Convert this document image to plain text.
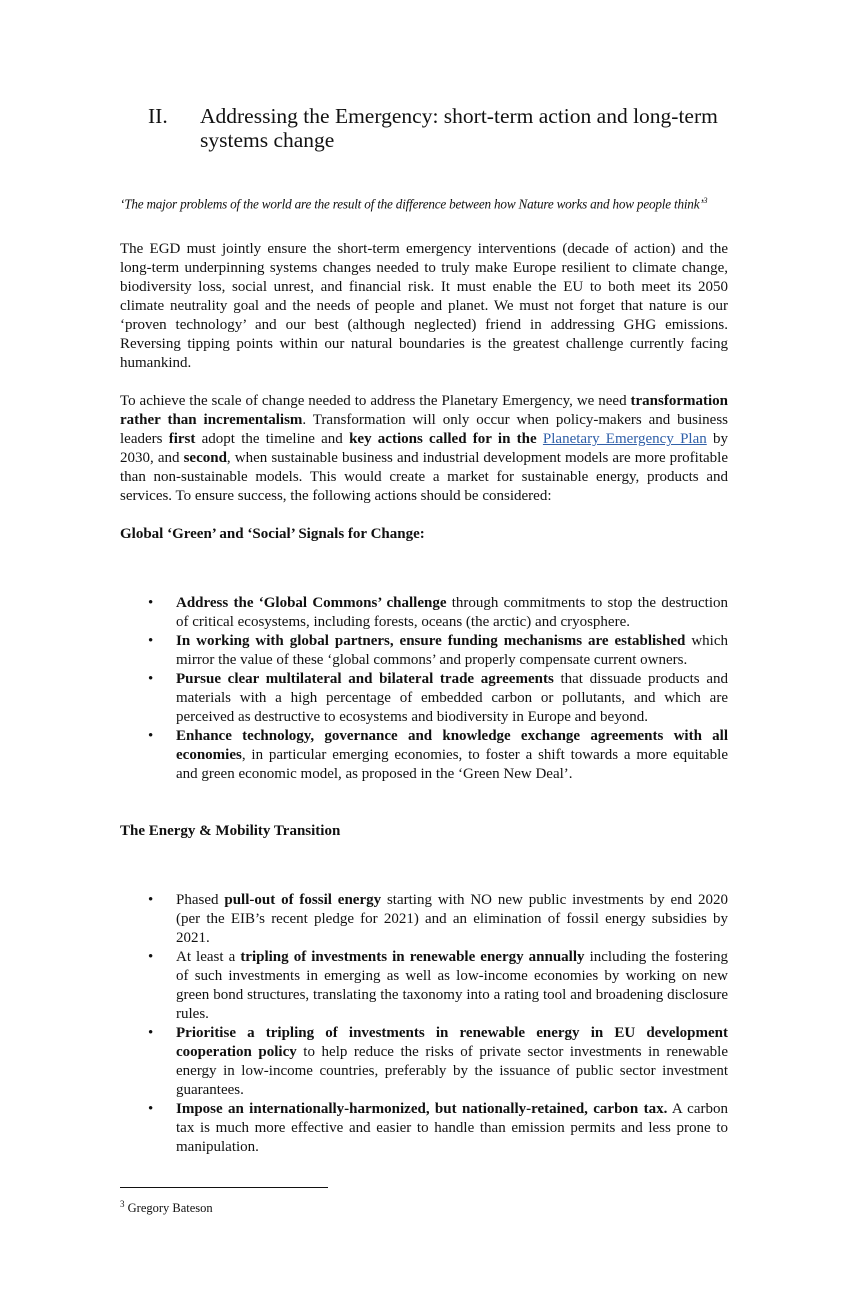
II.	Addressing the Emergency: short-term action and long-term systems change
‘The major problems of the world are the result of the difference between how Nature works and how people think’$^3$

The EGD must jointly ensure the short-term emergency interventions (decade of action) and the long-term underpinning systems changes needed to truly make Europe resilient to climate change, biodiversity loss, social unrest, and financial risk. It must enable the EU to both meet its 2050 climate neutrality goal and the needs of people and planet. We must not forget that nature is our ‘proven technology’ and our best (although neglected) friend in addressing GHG emissions. Reversing tipping points within our natural boundaries is the greatest challenge currently facing humankind.

To achieve the scale of change needed to address the Planetary Emergency, we need transformation rather than incrementalism. Transformation will only occur when policy-makers and business leaders first adopt the timeline and key actions called for in the Planetary Emergency Plan by 2030, and second, when sustainable business and industrial development models are more profitable than non-sustainable models. This would create a market for sustainable energy, products and services. To ensure success, the following actions should be considered:

Global ‘Green’ and ‘Social’ Signals for Change:
• Address the ‘Global Commons’ challenge through commitments to stop the destruction of critical ecosystems, including forests, oceans (the arctic) and cryosphere.
• In working with global partners, ensure funding mechanisms are established which mirror the value of these ‘global commons’ and properly compensate current owners.
• Pursue clear multilateral and bilateral trade agreements that dissuade products and materials with a high percentage of embedded carbon or pollutants, and which are perceived as destructive to ecosystems and biodiversity in Europe and beyond.
• Enhance technology, governance and knowledge exchange agreements with all economies, in particular emerging economies, to foster a shift towards a more equitable and green economic model, as proposed in the ‘Green New Deal’.
The Energy & Mobility Transition
• Phased pull-out of fossil energy starting with NO new public investments by end 2020 (per the EIB’s recent pledge for 2021) and an elimination of fossil energy subsidies by 2021.
• At least a tripling of investments in renewable energy annually including the fostering of such investments in emerging as well as low-income economies by working on new green bond structures, translating the taxonomy into a rating tool and broadening disclosure rules.
• Prioritise a tripling of investments in renewable energy in EU development cooperation policy to help reduce the risks of private sector investments in renewable energy in low-income countries, preferably by the issuance of public sector investment guarantees.
• Impose an internationally-harmonized, but nationally-retained, carbon tax. A carbon tax is much more effective and easier to handle than emission permits and less prone to manipulation.
$^3$ Gregory Bateson
